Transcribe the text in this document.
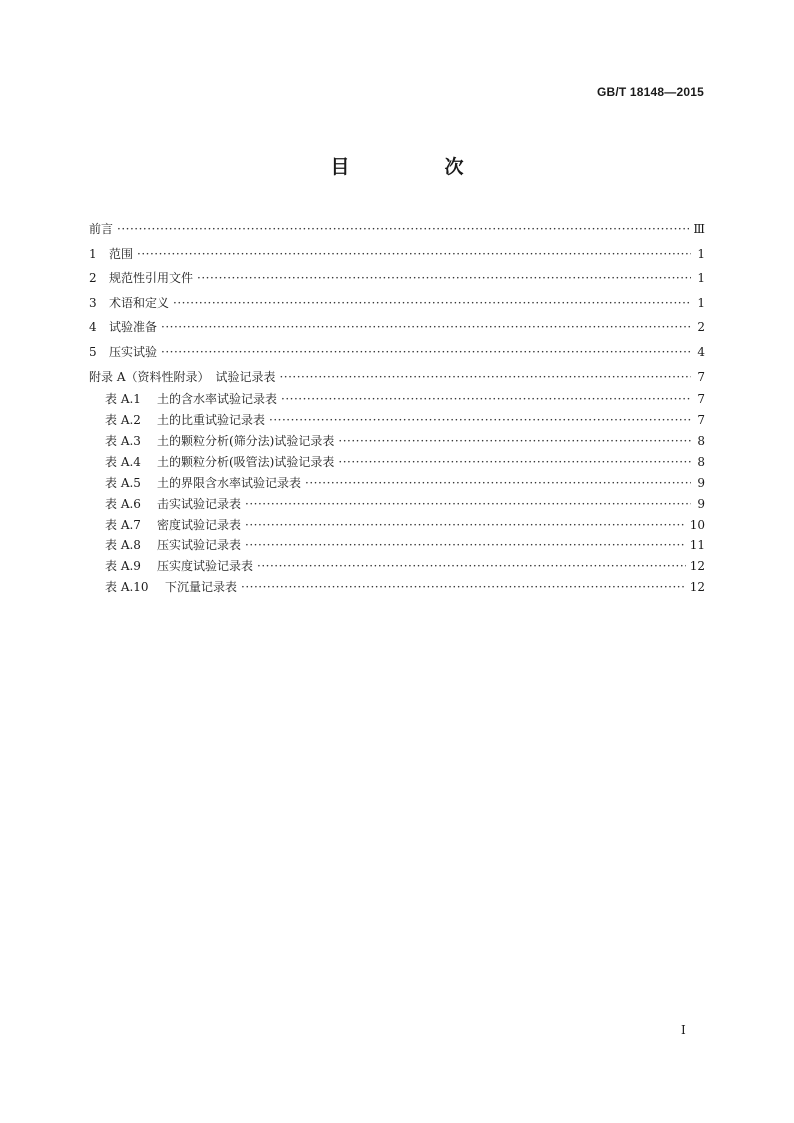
GB/T 18148—2015
目　次
前言 ·····	Ⅲ
1	范围 ·····	1
2	规范性引用文件 ·····	1
3	术语和定义 ·····	1
4	试验准备 ·····	2
5	压实试验 ·····	4
附录 A（资料性附录）　试验记录表 ·····	7
表 A.1	土的含水率试验记录表 ·····	7
表 A.2	土的比重试验记录表 ·····	7
表 A.3	土的颗粒分析(筛分法)试验记录表 ·····	8
表 A.4	土的颗粒分析(吸管法)试验记录表 ·····	8
表 A.5	土的界限含水率试验记录表 ·····	9
表 A.6	击实试验记录表 ·····	9
表 A.7	密度试验记录表 ·····	10
表 A.8	压实试验记录表 ·····	11
表 A.9	压实度试验记录表 ·····	12
表 A.10	下沉量记录表 ·····	12
I
